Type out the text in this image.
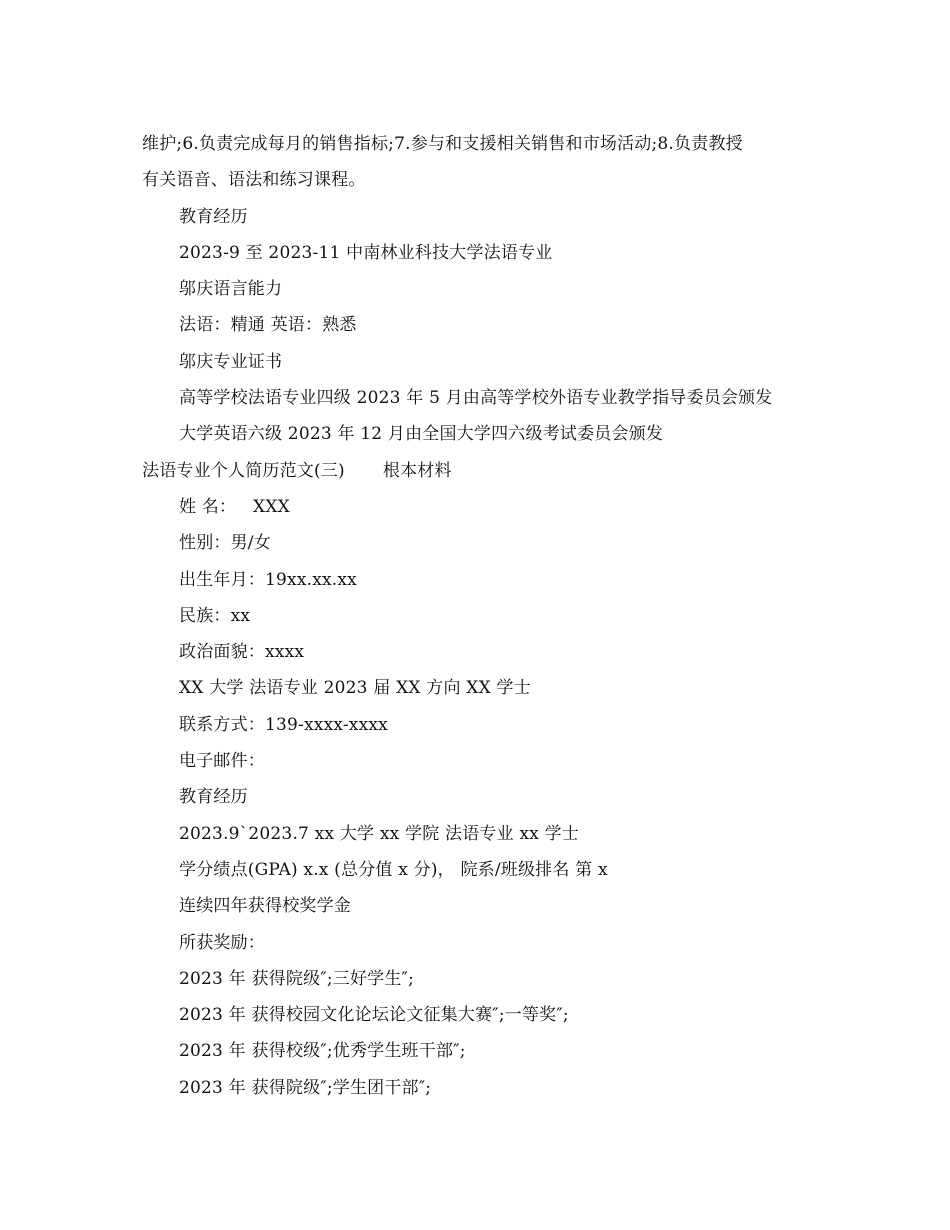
维护;6.负责完成每月的销售指标;7.参与和支援相关销售和市场活动;8.负责教授
有关语音、语法和练习课程。
教育经历
2023-9 至 2023-11 中南林业科技大学法语专业
邬庆语言能力
法语：精通 英语：熟悉
邬庆专业证书
高等学校法语专业四级 2023 年 5 月由高等学校外语专业教学指导委员会颁发
大学英语六级 2023 年 12 月由全国大学四六级考试委员会颁发
法语专业个人简历范文(三) 根本材料
姓 名：   XXX
性别：男/女
出生年月：19xx.xx.xx
民族：xx
政治面貌：xxxx
XX 大学 法语专业 2023 届 XX 方向 XX 学士
联系方式：139-xxxx-xxxx
电子邮件：
教育经历
2023.9`2023.7 xx 大学 xx 学院 法语专业 xx 学士
学分绩点(GPA) x.x (总分值 x 分)， 院系/班级排名 第 x
连续四年获得校奖学金
所获奖励：
2023 年 获得院级″;三好学生″;
2023 年 获得校园文化论坛论文征集大赛″;一等奖″;
2023 年 获得校级″;优秀学生班干部″;
2023 年 获得院级″;学生团干部″;
